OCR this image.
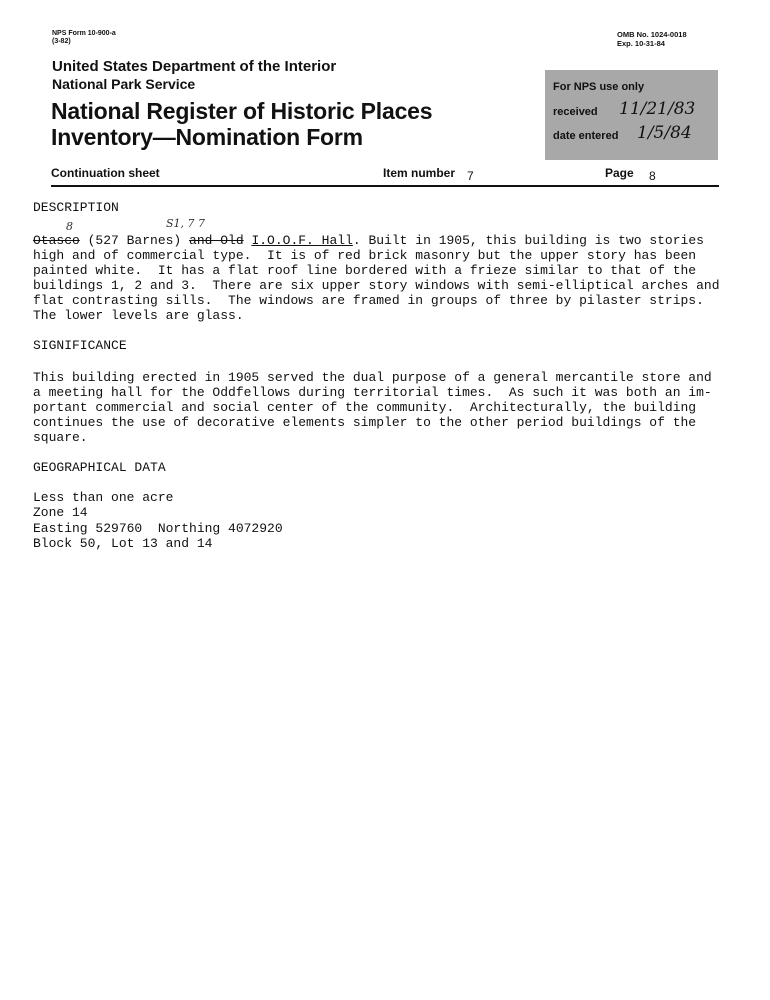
NPS Form 10-900-a
(3-82)
OMB No. 1024-0018
Exp. 10-31-84
United States Department of the Interior
National Park Service
National Register of Historic Places
Inventory—Nomination Form
For NPS use only
received 11/21/83
date entered 1/5/84
Continuation sheet	Item number 7	Page 8
DESCRIPTION
8	S1, 7 7
Otasco (527 Barnes) and Old I.O.O.F. Hall. Built in 1905, this building is two stories
high and of commercial type.  It is of red brick masonry but the upper story has been
painted white.  It has a flat roof line bordered with a frieze similar to that of the
buildings 1, 2 and 3.  There are six upper story windows with semi-elliptical arches and
flat contrasting sills.  The windows are framed in groups of three by pilaster strips.
The lower levels are glass.
SIGNIFICANCE
This building erected in 1905 served the dual purpose of a general mercantile store and
a meeting hall for the Oddfellows during territorial times.  As such it was both an im-
portant commercial and social center of the community.  Architecturally, the building
continues the use of decorative elements simpler to the other period buildings of the
square.
GEOGRAPHICAL DATA
Less than one acre
Zone 14
Easting 529760  Northing 4072920
Block 50, Lot 13 and 14
